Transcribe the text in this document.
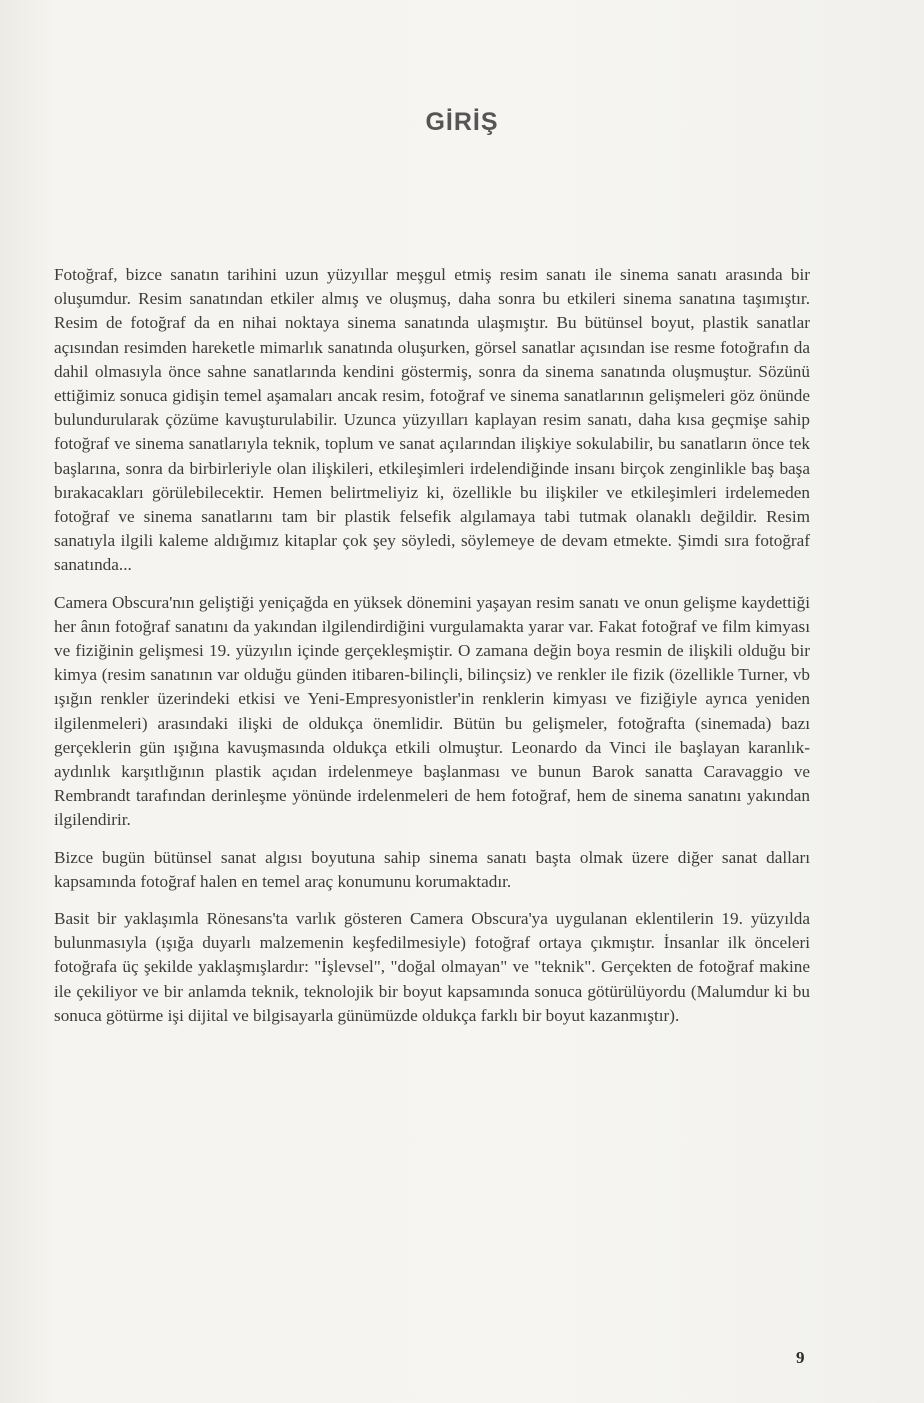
GİRİŞ

Fotoğraf, bizce sanatın tarihini uzun yüzyıllar meşgul etmiş resim sanatı ile sinema sanatı arasında bir oluşumdur. Resim sanatından etkiler almış ve oluşmuş, daha sonra bu etkileri sinema sanatına taşımıştır. Resim de fotoğraf da en nihai noktaya sinema sanatında ulaşmıştır. Bu bütünsel boyut, plastik sanatlar açısından resimden hareketle mimarlık sanatında oluşurken, görsel sanatlar açısından ise resme fotoğrafın da dahil olmasıyla önce sahne sanatlarında kendini göstermiş, sonra da sinema sanatında oluşmuştur. Sözünü ettiğimiz sonuca gidişin temel aşamaları ancak resim, fotoğraf ve sinema sanatlarının gelişmeleri göz önünde bulundurularak çözüme kavuşturulabilir. Uzunca yüzyılları kaplayan resim sanatı, daha kısa geçmişe sahip fotoğraf ve sinema sanatlarıyla teknik, toplum ve sanat açılarından ilişkiye sokulabilir, bu sanatların önce tek başlarına, sonra da birbirleriyle olan ilişkileri, etkileşimleri irdelendiğinde insanı birçok zenginlikle baş başa bırakacakları görülebilecektir. Hemen belirtmeliyiz ki, özellikle bu ilişkiler ve etkileşimleri irdelemeden fotoğraf ve sinema sanatlarını tam bir plastik felsefik algılamaya tabi tutmak olanaklı değildir. Resim sanatıyla ilgili kaleme aldığımız kitaplar çok şey söyledi, söylemeye de devam etmekte. Şimdi sıra fotoğraf sanatında...

Camera Obscura'nın geliştiği yeniçağda en yüksek dönemini yaşayan resim sanatı ve onun gelişme kaydettiği her ânın fotoğraf sanatını da yakından ilgilendirdiğini vurgulamakta yarar var. Fakat fotoğraf ve film kimyası ve fiziğinin gelişmesi 19. yüzyılın içinde gerçekleşmiştir. O zamana değin boya resmin de ilişkili olduğu bir kimya (resim sanatının var olduğu günden itibaren-bilinçli, bilinçsiz) ve renkler ile fizik (özellikle Turner, vb ışığın renkler üzerindeki etkisi ve Yeni-Empresyonistler'in renklerin kimyası ve fiziğiyle ayrıca yeniden ilgilenmeleri) arasındaki ilişki de oldukça önemlidir. Bütün bu gelişmeler, fotoğrafta (sinemada) bazı gerçeklerin gün ışığına kavuşmasında oldukça etkili olmuştur. Leonardo da Vinci ile başlayan karanlık-aydınlık karşıtlığının plastik açıdan irdelenmeye başlanması ve bunun Barok sanatta Caravaggio ve Rembrandt tarafından derinleşme yönünde irdelenmeleri de hem fotoğraf, hem de sinema sanatını yakından ilgilendirir.

Bizce bugün bütünsel sanat algısı boyutuna sahip sinema sanatı başta olmak üzere diğer sanat dalları kapsamında fotoğraf halen en temel araç konumunu korumaktadır.

Basit bir yaklaşımla Rönesans'ta varlık gösteren Camera Obscura'ya uygulanan eklentilerin 19. yüzyılda bulunmasıyla (ışığa duyarlı malzemenin keşfedilmesiyle) fotoğraf ortaya çıkmıştır. İnsanlar ilk önceleri fotoğrafa üç şekilde yaklaşmışlardır: "İşlevsel", "doğal olmayan" ve "teknik". Gerçekten de fotoğraf makine ile çekiliyor ve bir anlamda teknik, teknolojik bir boyut kapsamında sonuca götürülüyordu (Malumdur ki bu sonuca götürme işi dijital ve bilgisayarla günümüzde oldukça farklı bir boyut kazanmıştır).

9
